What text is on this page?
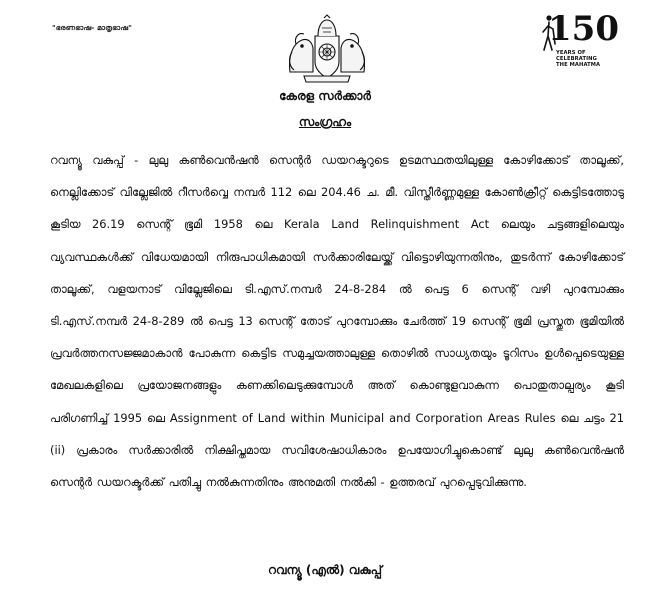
"ഭരണഭാഷ- മാതൃഭാഷ"	150
YEARS OF CELEBRATING THE MAHATMA
കേരള സർക്കാർ
സംഗ്രഹം
റവന്യൂ വകുപ്പ് - ലുലു കൺവെൻഷൻ സെന്റർ ഡയറക്ടറുടെ ഉടമസ്ഥതയിലുള്ള കോഴിക്കോട് താലൂക്ക്, നെല്ലിക്കോട് വില്ലേജിൽ റീസർവ്വെ നമ്പർ 112 ലെ 204.46 ച. മീ. വിസ്തീർണ്ണമുള്ള കോൺക്രീറ്റ് കെട്ടിടത്തോടു കൂടിയ 26.19 സെന്റ് ഭൂമി 1958 ലെ Kerala Land Relinquishment Act ലെയും ചട്ടങ്ങളിലെയും വ്യവസ്ഥകൾക്ക് വിധേയമായി നിരുപാധികമായി സർക്കാരിലേയ്ക്ക് വിട്ടൊഴിയുന്നതിനും, തുടർന്ന് കോഴിക്കോട് താലൂക്ക്, വളയനാട് വില്ലേജിലെ ടി.എസ്.നമ്പർ 24-8-284 ൽ പെട്ട 6 സെന്റ് വഴി പുറമ്പോക്കും ടി.എസ്.നമ്പർ 24-8-289 ൽ പെട്ട 13 സെന്റ് തോട് പുറമ്പോക്കും ചേർത്ത് 19 സെന്റ് ഭൂമി പ്രസ്തുത ഭൂമിയിൽ പ്രവർത്തനസജ്ജമാകാൻ പോകുന്ന കെട്ടിട സമുച്ചയത്താലുള്ള തൊഴിൽ സാധ്യതയും ടൂറിസം ഉൾപ്പെടെയുള്ള മേഖലകളിലെ പ്രയോജനങ്ങളും കണക്കിലെടുക്കുമ്പോൾ അത് കൊണ്ടുളവാകുന്ന പൊതുതാല്പര്യം കൂടി പരിഗണിച്ച് 1995 ലെ Assignment of Land within Municipal and Corporation Areas Rules ലെ ചട്ടം 21 (ii) പ്രകാരം സർക്കാരിൽ നിക്ഷിപ്തമായ സവിശേഷാധികാരം ഉപയോഗിച്ചുകൊണ്ട് ലുലു കൺവെൻഷൻ സെന്റർ ഡയറക്ടർക്ക് പതിച്ചു നൽകുന്നതിനും അനുമതി നൽകി - ഉത്തരവ് പുറപ്പെടുവിക്കുന്നു.
റവന്യൂ (എൽ) വകുപ്പ്
